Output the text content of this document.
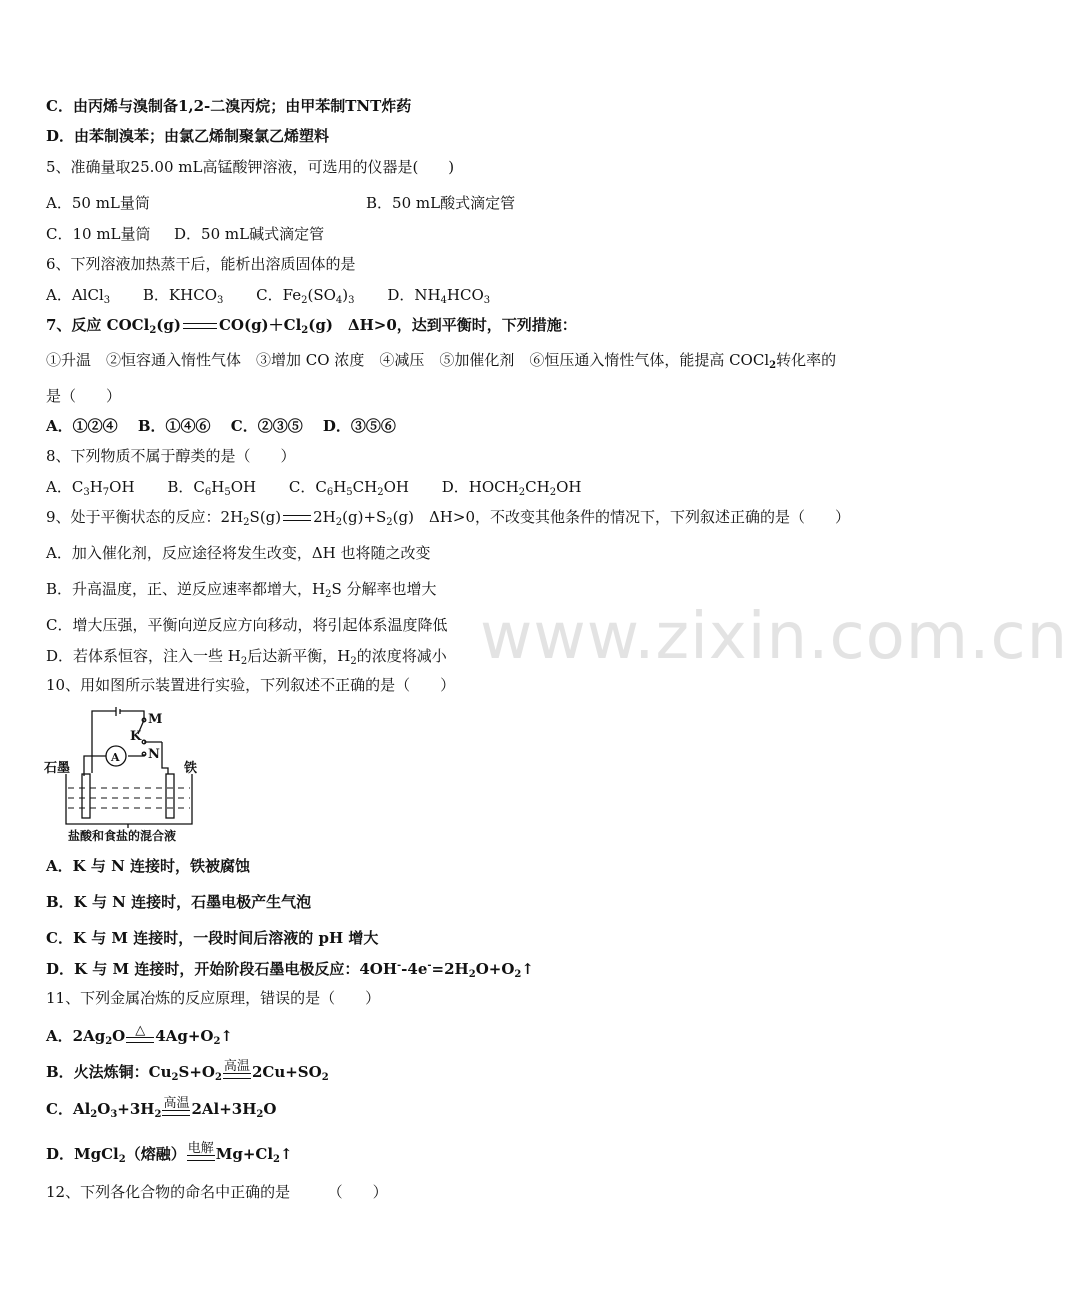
www.zixin.com.cn
C．由丙烯与溴制备1,2-二溴丙烷；由甲苯制TNT炸药
D．由苯制溴苯；由氯乙烯制聚氯乙烯塑料
5、准确量取25.00 mL高锰酸钾溶液，可选用的仪器是(　　)
A．50 mL量筒	B．50 mL酸式滴定管
C．10 mL量筒 D．50 mL碱式滴定管
6、下列溶液加热蒸干后，能析出溶质固体的是
A．AlCl$_3$ B．$KHCO_3$ C．$Fe_2(SO_4)_3$ D．$NH_4HCO_3$
7、反应 COCl$_2$(g)	$CO(g)+Cl_2(g)$　ΔH>0，达到平衡时，下列措施：
①升温　②恒容通入惰性气体　③增加 CO 浓度　④减压　⑤加催化剂　⑥恒压通入惰性气体，能提高 COCl$_2$转化率的
是（　　）
A．①②④　 B．①④⑥　 C．②③⑤　 D．③⑤⑥
8、下列物质不属于醇类的是（　　）
A．$C_3H_7OH$ B．$C_6H_5OH$ C．$C_6H_5CH_2OH$ D．$HOCH_2CH_2OH$
9、处于平衡状态的反应：$2H_2S(g)$ $2H_2(g)+S_2(g)$　ΔH>0，不改变其他条件的情况下，下列叙述正确的是（　　）
A．加入催化剂，反应途径将发生改变，ΔH 也将随之改变
B．升高温度，正、逆反应速率都增大，$H_2S$ 分解率也增大
C．增大压强，平衡向逆反应方向移动，将引起体系温度降低
D．若体系恒容，注入一些 $H_2$后达新平衡，$H_2$的浓度将减小
10、用如图所示装置进行实验，下列叙述不正确的是（　　）
M
K
N
A
石墨	铁
盐酸和食盐的混合液
A．K 与 N 连接时，铁被腐蚀
B．K 与 N 连接时，石墨电极产生气泡
C．K 与 M 连接时，一段时间后溶液的 pH 增大
D．K 与 M 连接时，开始阶段石墨电极反应：$4OH^--4e^-=2H_2O+O_2↑$
11、下列金属冶炼的反应原理，错误的是（　　）
A．$2Ag_2O$ △ $4Ag+O_2↑$
B．火法炼铜：$Cu_2S+O_2$
高温 $2Cu+SO_2$
C．$Al_2O_3+3H_2$
高温 $2Al+3H_2O$
D．MgCl$_2$（熔融） 电解 $Mg+Cl_2↑$
12、下列各化合物的命名中正确的是　　　（　　）
